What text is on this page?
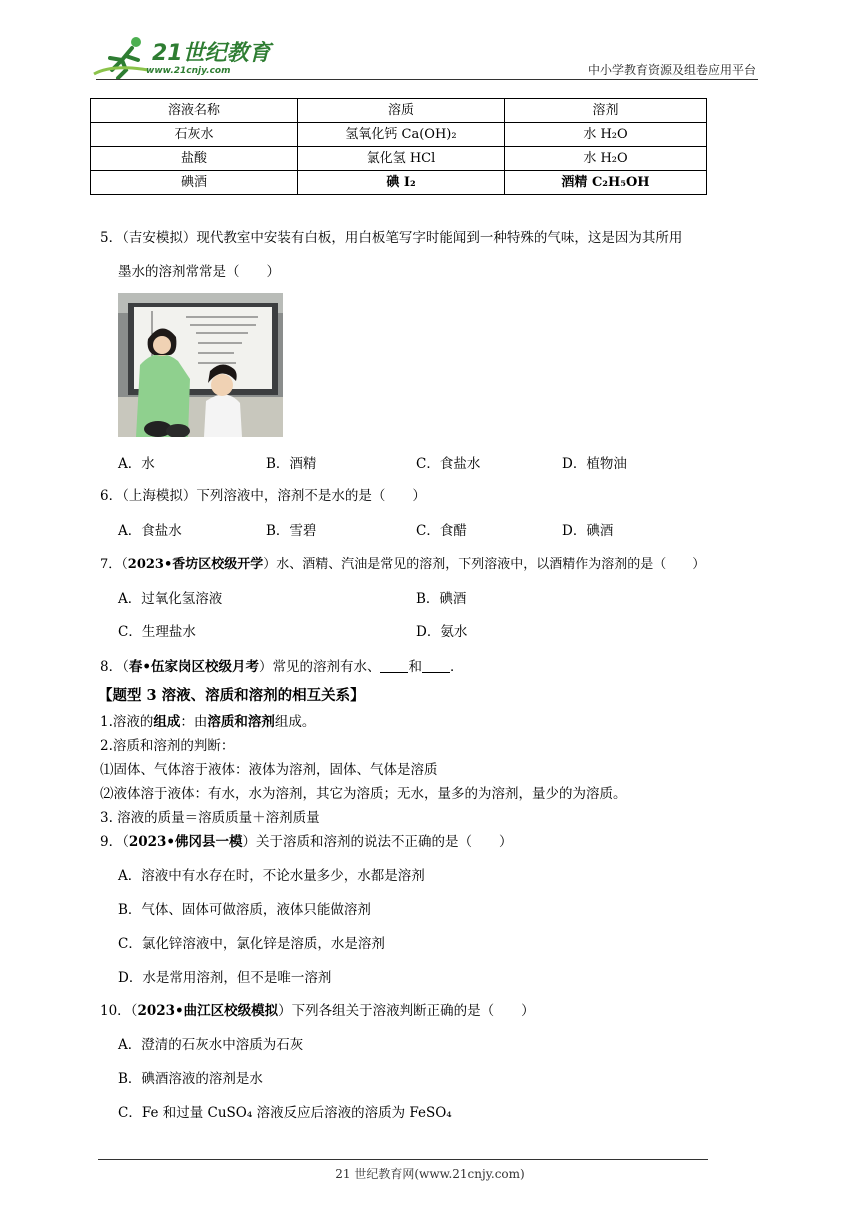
21世纪教育
www.21cnjy.com	中小学教育资源及组卷应用平台
溶液名称	溶质	溶剂
石灰水	氢氧化钙 Ca(OH)₂	水 H₂O
盐酸	氯化氢 HCl	水 H₂O
碘酒	碘 I₂	酒精 C₂H₅OH
5．（吉安模拟）现代教室中安装有白板，用白板笔写字时能闻到一种特殊的气味，这是因为其所用
墨水的溶剂常常是（　　）
A．水	B．酒精	C．食盐水	D．植物油
6．（上海模拟）下列溶液中，溶剂不是水的是（　　）
A．食盐水	B．雪碧	C．食醋	D．碘酒
7．（2023•香坊区校级开学）水、酒精、汽油是常见的溶剂，下列溶液中，以酒精作为溶剂的是（　　）
A．过氧化氢溶液	B．碘酒
C．生理盐水	D．氨水
8．（春•伍家岗区校级月考）常见的溶剂有水、 和 ．
【题型 3 溶液、溶质和溶剂的相互关系】
1.溶液的组成：由溶质和溶剂组成。
2.溶质和溶剂的判断：
⑴固体、气体溶于液体：液体为溶剂，固体、气体是溶质
⑵液体溶于液体：有水，水为溶剂，其它为溶质；无水，量多的为溶剂，量少的为溶质。
3. 溶液的质量＝溶质质量＋溶剂质量
9．（2023•佛冈县一模）关于溶质和溶剂的说法不正确的是（　　）
A．溶液中有水存在时，不论水量多少，水都是溶剂
B．气体、固体可做溶质，液体只能做溶剂
C．氯化锌溶液中，氯化锌是溶质，水是溶剂
D．水是常用溶剂，但不是唯一溶剂
10．（2023•曲江区校级模拟）下列各组关于溶液判断正确的是（　　）
A．澄清的石灰水中溶质为石灰
B．碘酒溶液的溶剂是水
C．Fe 和过量 CuSO₄ 溶液反应后溶液的溶质为 FeSO₄
21 世纪教育网(www.21cnjy.com)
